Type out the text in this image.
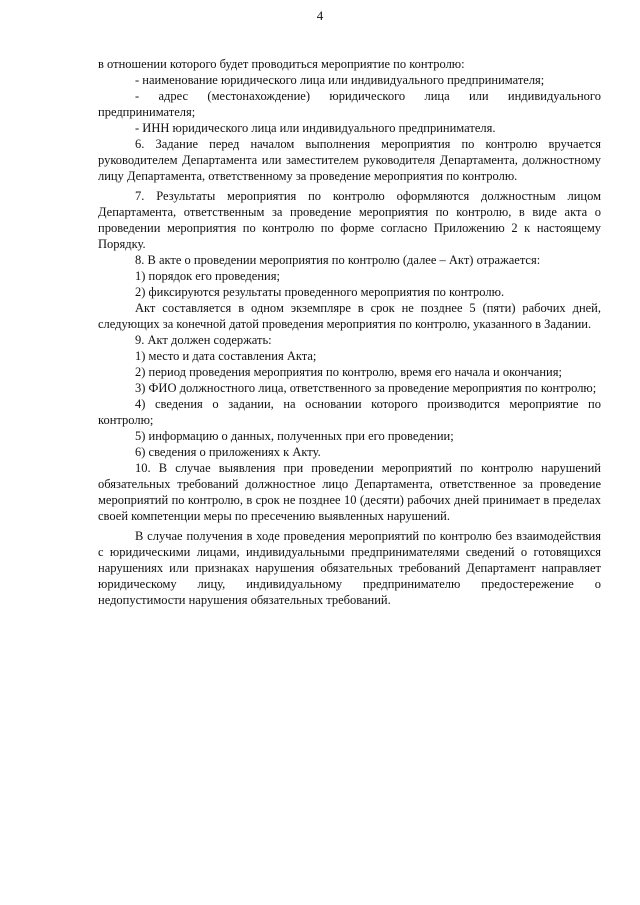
4

в отношении которого будет проводиться мероприятие по контролю:

- наименование юридического лица или индивидуального предпринимателя;

- адрес (местонахождение) юридического лица или индивидуального предпринимателя;

- ИНН юридического лица или индивидуального предпринимателя.

6. Задание перед началом выполнения мероприятия по контролю вручается руководителем Департамента или заместителем руководителя Департамента, должностному лицу Департамента, ответственному за проведение мероприятия по контролю.

7. Результаты мероприятия по контролю оформляются должностным лицом Департамента, ответственным за проведение мероприятия по контролю, в виде акта о проведении мероприятия по контролю по форме согласно Приложению 2 к настоящему Порядку.

8. В акте о проведении мероприятия по контролю (далее – Акт) отражается:

1) порядок его проведения;

2) фиксируются результаты проведенного мероприятия по контролю.

Акт составляется в одном экземпляре в срок не позднее 5 (пяти) рабочих дней, следующих за конечной датой проведения мероприятия по контролю, указанного в Задании.

9. Акт должен содержать:

1) место и дата составления Акта;

2) период проведения мероприятия по контролю, время его начала и окончания;

3) ФИО должностного лица, ответственного за проведение мероприятия по контролю;

4) сведения о задании, на основании которого производится мероприятие по контролю;

5) информацию о данных, полученных при его проведении;

6) сведения о приложениях к Акту.

10. В случае выявления при проведении мероприятий по контролю нарушений обязательных требований должностное лицо Департамента, ответственное за проведение мероприятий по контролю, в срок не позднее 10 (десяти) рабочих дней принимает в пределах своей компетенции меры по пресечению выявленных нарушений.

В случае получения в ходе проведения мероприятий по контролю без взаимодействия с юридическими лицами, индивидуальными предпринимателями сведений о готовящихся нарушениях или признаках нарушения обязательных требований Департамент направляет юридическому лицу, индивидуальному предпринимателю предостережение о недопустимости нарушения обязательных требований.
